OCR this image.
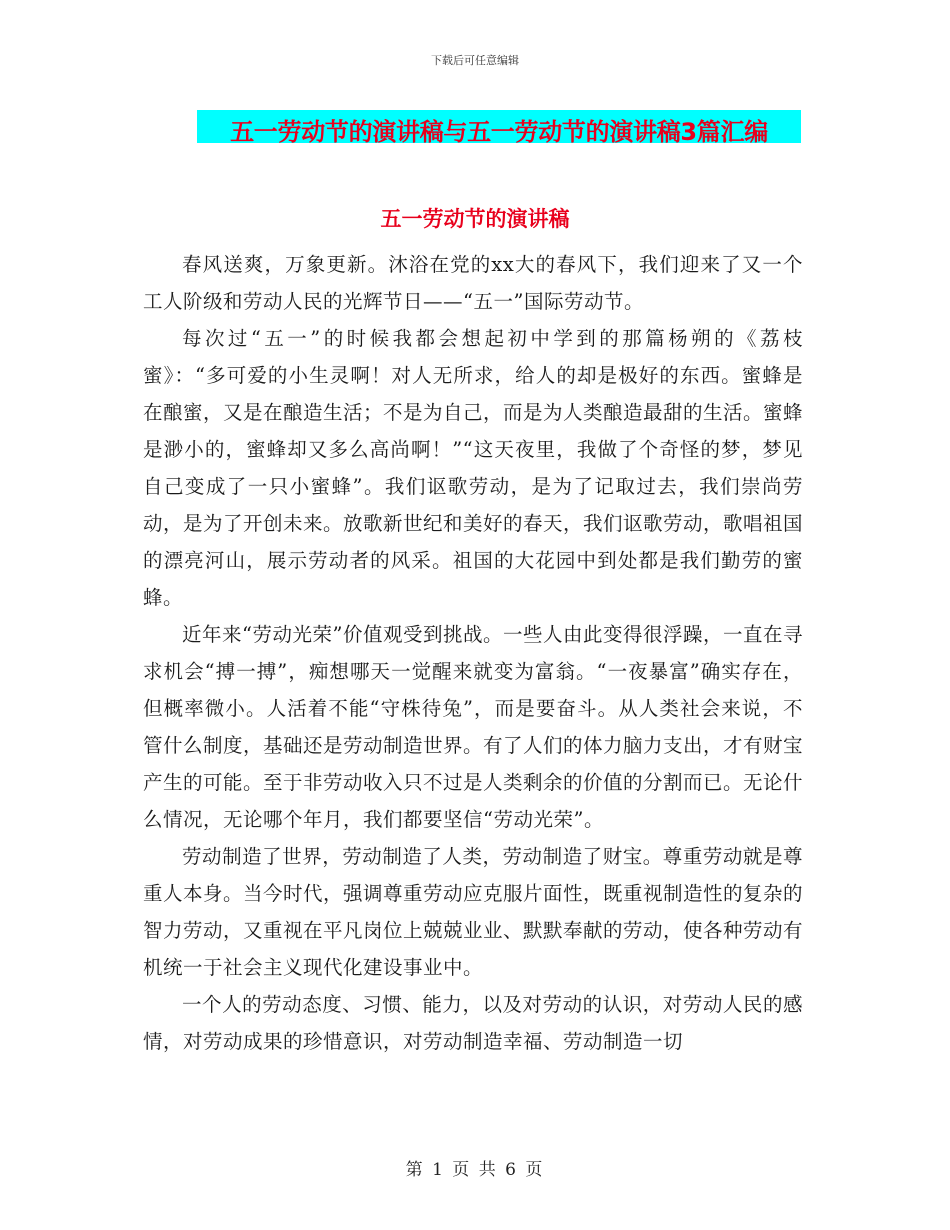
下载后可任意编辑
五一劳动节的演讲稿与五一劳动节的演讲稿3篇汇编
五一劳动节的演讲稿

春风送爽，万象更新。沐浴在党的xx大的春风下，我们迎来了又一个工人阶级和劳动人民的光辉节日——“五一”国际劳动节。

每次过“五一”的时候我都会想起初中学到的那篇杨朔的《荔枝蜜》：“多可爱的小生灵啊！对人无所求，给人的却是极好的东西。蜜蜂是在酿蜜，又是在酿造生活；不是为自己，而是为人类酿造最甜的生活。蜜蜂是渺小的，蜜蜂却又多么高尚啊！”“这天夜里，我做了个奇怪的梦，梦见自己变成了一只小蜜蜂”。我们讴歌劳动，是为了记取过去，我们崇尚劳动，是为了开创未来。放歌新世纪和美好的春天，我们讴歌劳动，歌唱祖国的漂亮河山，展示劳动者的风采。祖国的大花园中到处都是我们勤劳的蜜蜂。

近年来“劳动光荣”价值观受到挑战。一些人由此变得很浮躁，一直在寻求机会“搏一搏”，痴想哪天一觉醒来就变为富翁。“一夜暴富”确实存在，但概率微小。人活着不能“守株待兔”，而是要奋斗。从人类社会来说，不管什么制度，基础还是劳动制造世界。有了人们的体力脑力支出，才有财宝产生的可能。至于非劳动收入只不过是人类剩余的价值的分割而已。无论什么情况，无论哪个年月，我们都要坚信“劳动光荣”。

劳动制造了世界，劳动制造了人类，劳动制造了财宝。尊重劳动就是尊重人本身。当今时代，强调尊重劳动应克服片面性，既重视制造性的复杂的智力劳动，又重视在平凡岗位上兢兢业业、默默奉献的劳动，使各种劳动有机统一于社会主义现代化建设事业中。

一个人的劳动态度、习惯、能力，以及对劳动的认识，对劳动人民的感情，对劳动成果的珍惜意识，对劳动制造幸福、劳动制造一切

第 1 页 共 6 页
